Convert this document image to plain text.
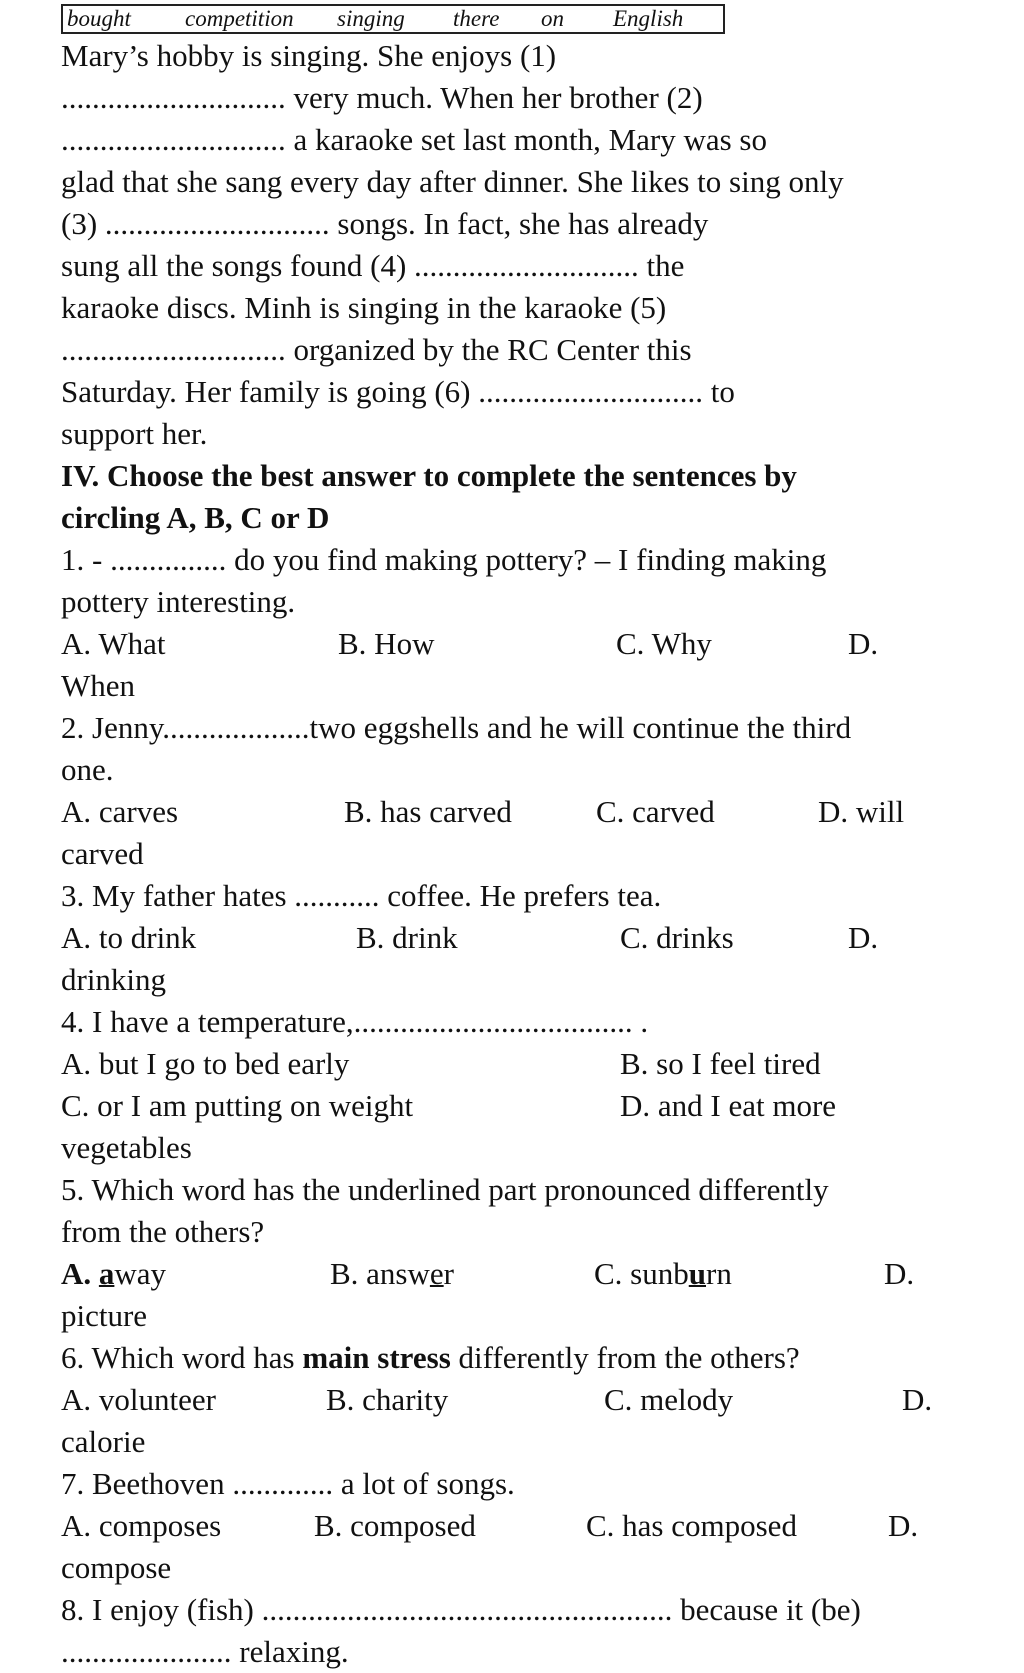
bought competition singing there on English
Mary’s hobby is singing. She enjoys (1)
............................. very much. When her brother (2)
............................. a karaoke set last month, Mary was so
glad that she sang every day after dinner. She likes to sing only
(3) ............................. songs. In fact, she has already
sung all the songs found (4) ............................. the
karaoke discs. Minh is singing in the karaoke (5)
............................. organized by the RC Center this
Saturday. Her family is going (6) ............................. to
support her.
IV. Choose the best answer to complete the sentences by
circling A, B, C or D
1. - ............... do you find making pottery? – I finding making
pottery interesting.
A. What	B. How	C. Why	D.
When
2. Jenny...................two eggshells and he will continue the third
one.
A. carves	B. has carved	C. carved	D. will
carved
3. My father hates ........... coffee. He prefers tea.
A. to drink	B. drink	C. drinks	D.
drinking
4. I have a temperature,.................................... .
A. but I go to bed early	B. so I feel tired
C. or I am putting on weight	D. and I eat more
vegetables
5. Which word has the underlined part pronounced differently
from the others?
A. away	B. answer	C. sunburn	D.
picture
6. Which word has main stress differently from the others?
A. volunteer	B. charity	C. melody	D.
calorie
7. Beethoven ............. a lot of songs.
A. composes	B. composed	C. has composed	D.
compose
8. I enjoy (fish) ..................................................... because it (be)
...................... relaxing.
